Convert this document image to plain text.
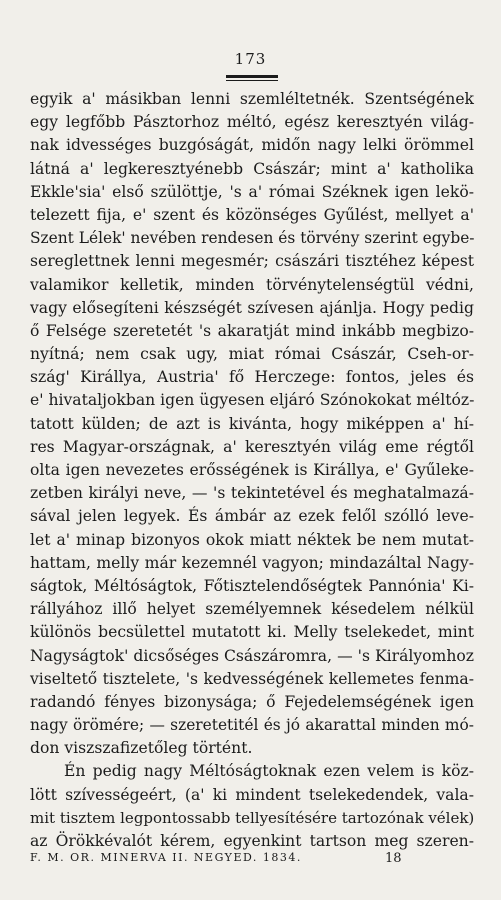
173
egyik a' másikban lenni szemléltetnék. Szentségének
egy legfőbb Pásztorhoz méltó, egész keresztyén világ-
nak idvességes buzgóságát, midőn nagy lelki örömmel
látná a' legkeresztyénebb Császár; mint a' katholika
Ekkle'sia' első szülöttje, 's a' római Széknek igen lekö-
telezett fija, e' szent és közönséges Gyűlést, mellyet a'
Szent Lélek' nevében rendesen és törvény szerint egybe-
sereglettnek lenni megesmér; császári tisztéhez képest
valamikor kelletik, minden törvénytelenségtül védni,
vagy elősegíteni készségét szívesen ajánlja. Hogy pedig
ő Felsége szeretetét 's akaratját mind inkább megbizo-
nyítná; nem csak ugy, miat római Császár, Cseh-or-
szág' Királlya, Austria' fő Herczege: fontos, jeles és
e' hivataljokban igen ügyesen eljáró Szónokokat méltóz-
tatott külden; de azt is kivánta, hogy miképpen a' hí-
res Magyar-országnak, a' keresztyén világ eme régtől
olta igen nevezetes erősségének is Királlya, e' Gyűleke-
zetben királyi neve, — 's tekintetével és meghatalmazá-
sával jelen legyek. És ámbár az ezek felől szólló leve-
let a' minap bizonyos okok miatt néktek be nem mutat-
hattam, melly már kezemnél vagyon; mindazáltal Nagy-
ságtok, Méltóságtok, Főtisztelendőségtek Pannónia' Ki-
rállyához illő helyet személyemnek késedelem nélkül
különös becsülettel mutatott ki. Melly tselekedet, mint
Nagyságtok' dicsőséges Császáromra, — 's Királyomhoz
viseltető tisztelete, 's kedvességének kellemetes fenma-
radandó fényes bizonysága; ő Fejedelemségének igen
nagy örömére; — szeretetitél és jó akarattal minden mó-
don viszszafizetőleg történt.
Én pedig nagy Méltóságtoknak ezen velem is köz-
lött szívességeért, (a' ki mindent tselekedendek, vala-
mit tisztem legpontossabb tellyesítésére tartozónak vélek)
az Örökkévalót kérem, egyenkint tartson meg szeren-
F. M. OR. MINERVA II. NEGYED. 1834.	18
